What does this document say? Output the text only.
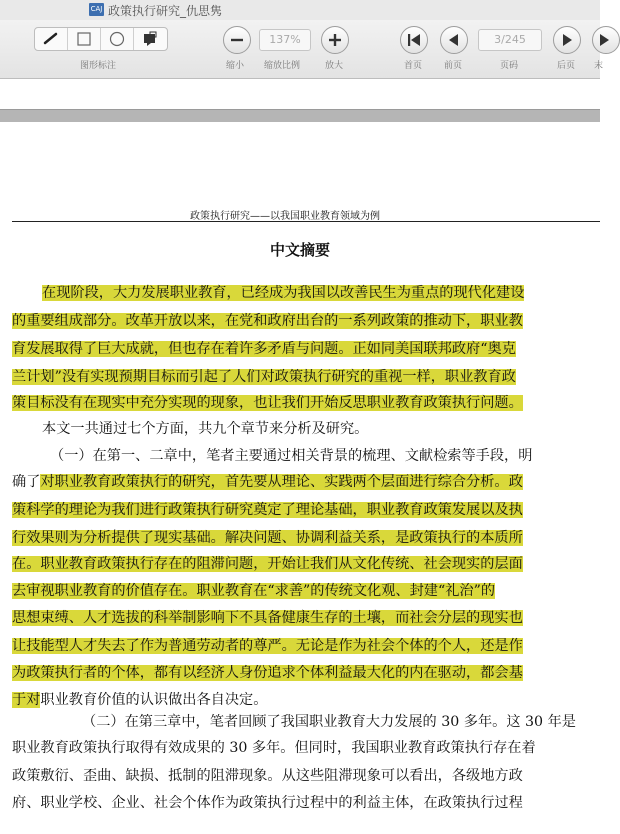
CAJ 政策执行研究_仇思隽
图形标注	缩小
137%
缩放比例	放大	首页 前页
3/245
页码	后页 末
政策执行研究——以我国职业教育领域为例
中文摘要
在现阶段，大力发展职业教育，已经成为我国以改善民生为重点的现代化建设
的重要组成部分。改革开放以来，在党和政府出台的一系列政策的推动下，职业教
育发展取得了巨大成就，但也存在着许多矛盾与问题。正如同美国联邦政府“奥克
兰计划”没有实现预期目标而引起了人们对政策执行研究的重视一样，职业教育政
策目标没有在现实中充分实现的现象，也让我们开始反思职业教育政策执行问题。
本文一共通过七个方面，共九个章节来分析及研究。
（一）在第一、二章中，笔者主要通过相关背景的梳理、文献检索等手段，明
确了对职业教育政策执行的研究，首先要从理论、实践两个层面进行综合分析。政
策科学的理论为我们进行政策执行研究奠定了理论基础，职业教育政策发展以及执
行效果则为分析提供了现实基础。解决问题、协调利益关系，是政策执行的本质所
在。职业教育政策执行存在的阻滞问题，开始让我们从文化传统、社会现实的层面
去审视职业教育的价值存在。职业教育在“求善”的传统文化观、封建“礼治”的
思想束缚、人才选拔的科举制影响下不具备健康生存的土壤，而社会分层的现实也
让技能型人才失去了作为普通劳动者的尊严。无论是作为社会个体的个人，还是作
为政策执行者的个体，都有以经济人身份追求个体利益最大化的内在驱动，都会基
于对职业教育价值的认识做出各自决定。
（二）在第三章中，笔者回顾了我国职业教育大力发展的 30 多年。这 30 年是
职业教育政策执行取得有效成果的 30 多年。但同时，我国职业教育政策执行存在着
政策敷衍、歪曲、缺损、抵制的阻滞现象。从这些阻滞现象可以看出，各级地方政
府、职业学校、企业、社会个体作为政策执行过程中的利益主体，在政策执行过程
